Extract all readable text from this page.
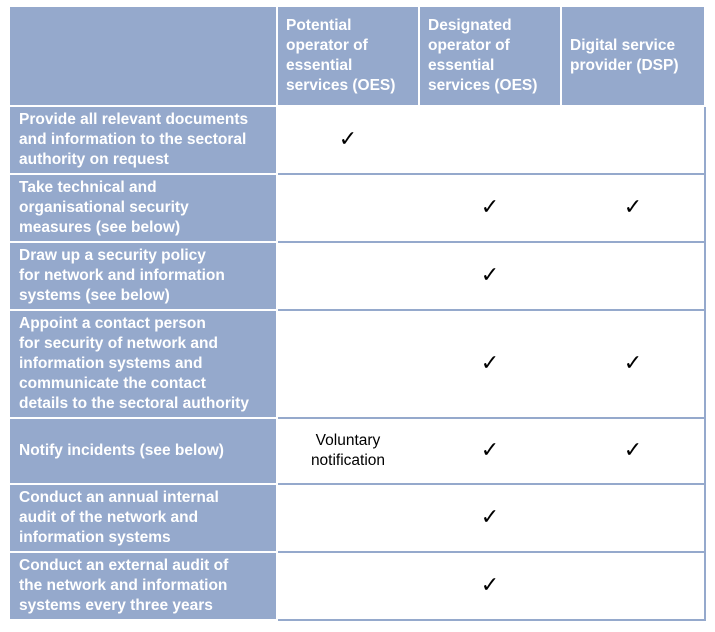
	Potential
operator of
essential
services (OES)	Designated
operator of
essential
services (OES)	Digital service
provider (DSP)
Provide all relevant documents
and information to the sectoral
authority on request	✓		
Take technical and
organisational security
measures (see below)		✓	✓
Draw up a security policy
for network and information
systems (see below)		✓	
Appoint a contact person
for security of network and
information systems and
communicate the contact
details to the sectoral authority		✓	✓
Notify incidents (see below)	Voluntary
notification	✓	✓
Conduct an annual internal
audit of the network and
information systems		✓	
Conduct an external audit of
the network and information
systems every three years		✓	
